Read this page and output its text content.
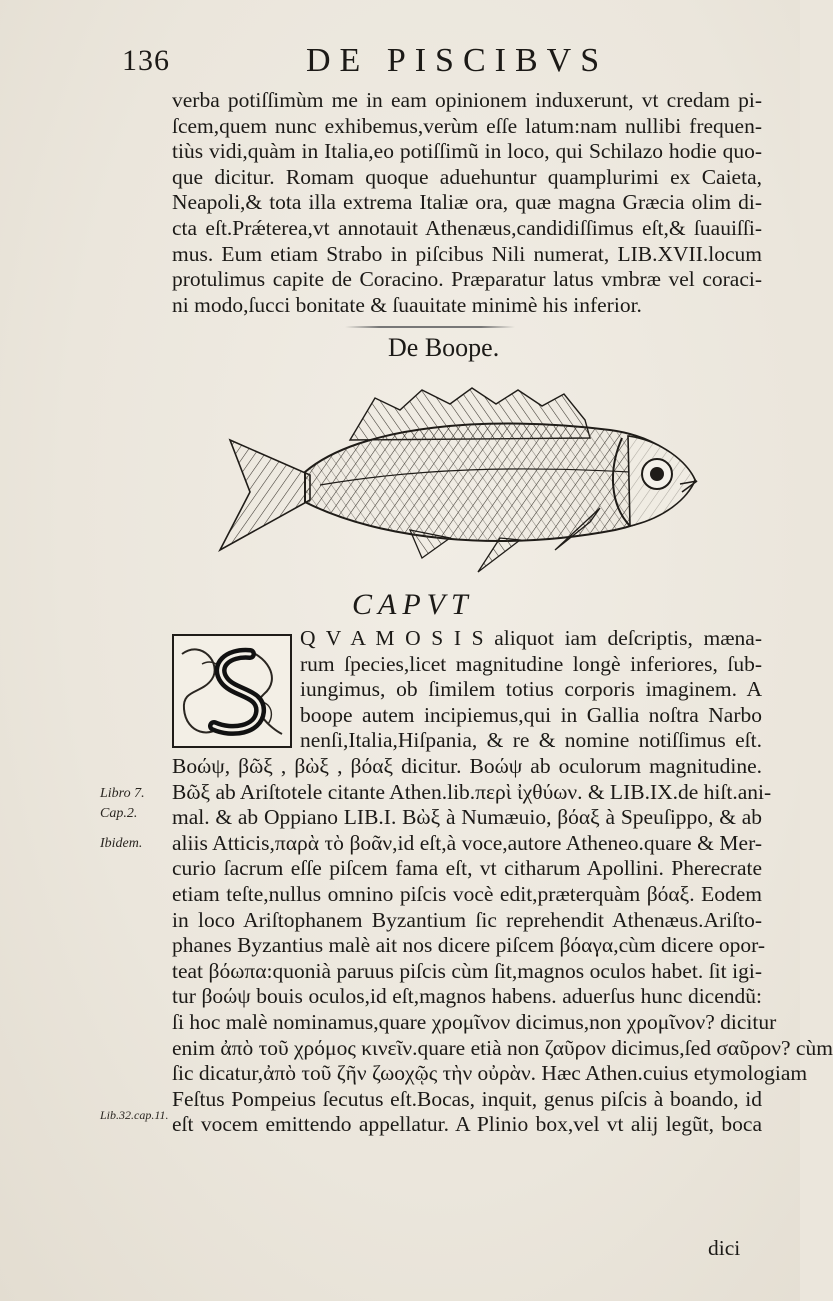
136	DE PISCIBVS
verba potiſſimùm me in eam opinionem induxerunt, vt credam pi-
ſcem,quem nunc exhibemus,verùm eſſe latum:nam nullibi frequen-
tiùs vidi,quàm in Italia,eo potiſſimũ in loco, qui Schilazo hodie quo-
que dicitur. Romam quoque aduehuntur quamplurimi ex Caieta,
Neapoli,& tota illa extrema Italiæ ora, quæ magna Græcia olim di-
cta eſt.Prǽterea,vt annotauit Athenæus,candidiſſimus eſt,& ſuauiſſi-
mus. Eum etiam Strabo in piſcibus Nili numerat, LIB.XVII.locum
protulimus capite de Coracino. Præparatur latus vmbræ vel coraci-
ni modo,ſucci bonitate & ſuauitate minimè his inferior.
De Boope.
CAPVT
Q V A M O S I S aliquot iam deſcriptis, mæna-
rum ſpecies,licet magnitudine longè inferiores, ſub-
iungimus, ob ſimilem totius corporis imaginem. A
boope autem incipiemus,qui in Gallia noſtra Narbo
nenſi,Italia,Hiſpania, & re & nomine notiſſimus eſt.
Βοώψ, βῶξ , βὼξ , βόαξ dicitur. Βοώψ ab oculorum magnitudine.
Βῶξ ab Ariſtotele citante Athen.lib.περὶ ἰχθύων. & LIB.IX.de hiſt.ani-
mal. & ab Oppiano LIB.I. Βὼξ à Numæuio, βόαξ à Speuſippo, & ab
aliis Atticis,παρὰ τὸ βοᾶν,id eſt,à voce,autore Atheneo.quare & Mer-
curio ſacrum eſſe piſcem fama eſt, vt citharum Apollini. Pherecrate
etiam teſte,nullus omnino piſcis vocè edit,præterquàm βόαξ. Eodem
in loco Ariſtophanem Byzantium ſic reprehendit Athenæus.Ariſto-
phanes Byzantius malè ait nos dicere piſcem βόαγα,cùm dicere opor-
teat βόωπα:quonià paruus piſcis cùm ſit,magnos oculos habet. ſit igi-
tur βοώψ bouis oculos,id eſt,magnos habens. aduerſus hunc dicendũ:
ſi hoc malè nominamus,quare χρομῖνον dicimus,non χρομῖνον? dicitur
enim ἀπὸ τοῦ χρόμος κινεῖν.quare etià non ζαῦρον dicimus,ſed σαῦρον? cùm
ſic dicatur,ἀπὸ τοῦ ζῆν ζωοχῷς τὴν οὐρὰν. Hæc Athen.cuius etymologiam
Feſtus Pompeius ſecutus eſt.Bocas, inquit, genus piſcis à boando, id
eſt vocem emittendo appellatur. A Plinio box,vel vt alij legũt, boca
Libro 7.
Cap.2.
Ibidem.
Lib.32.cap.11.
dici
